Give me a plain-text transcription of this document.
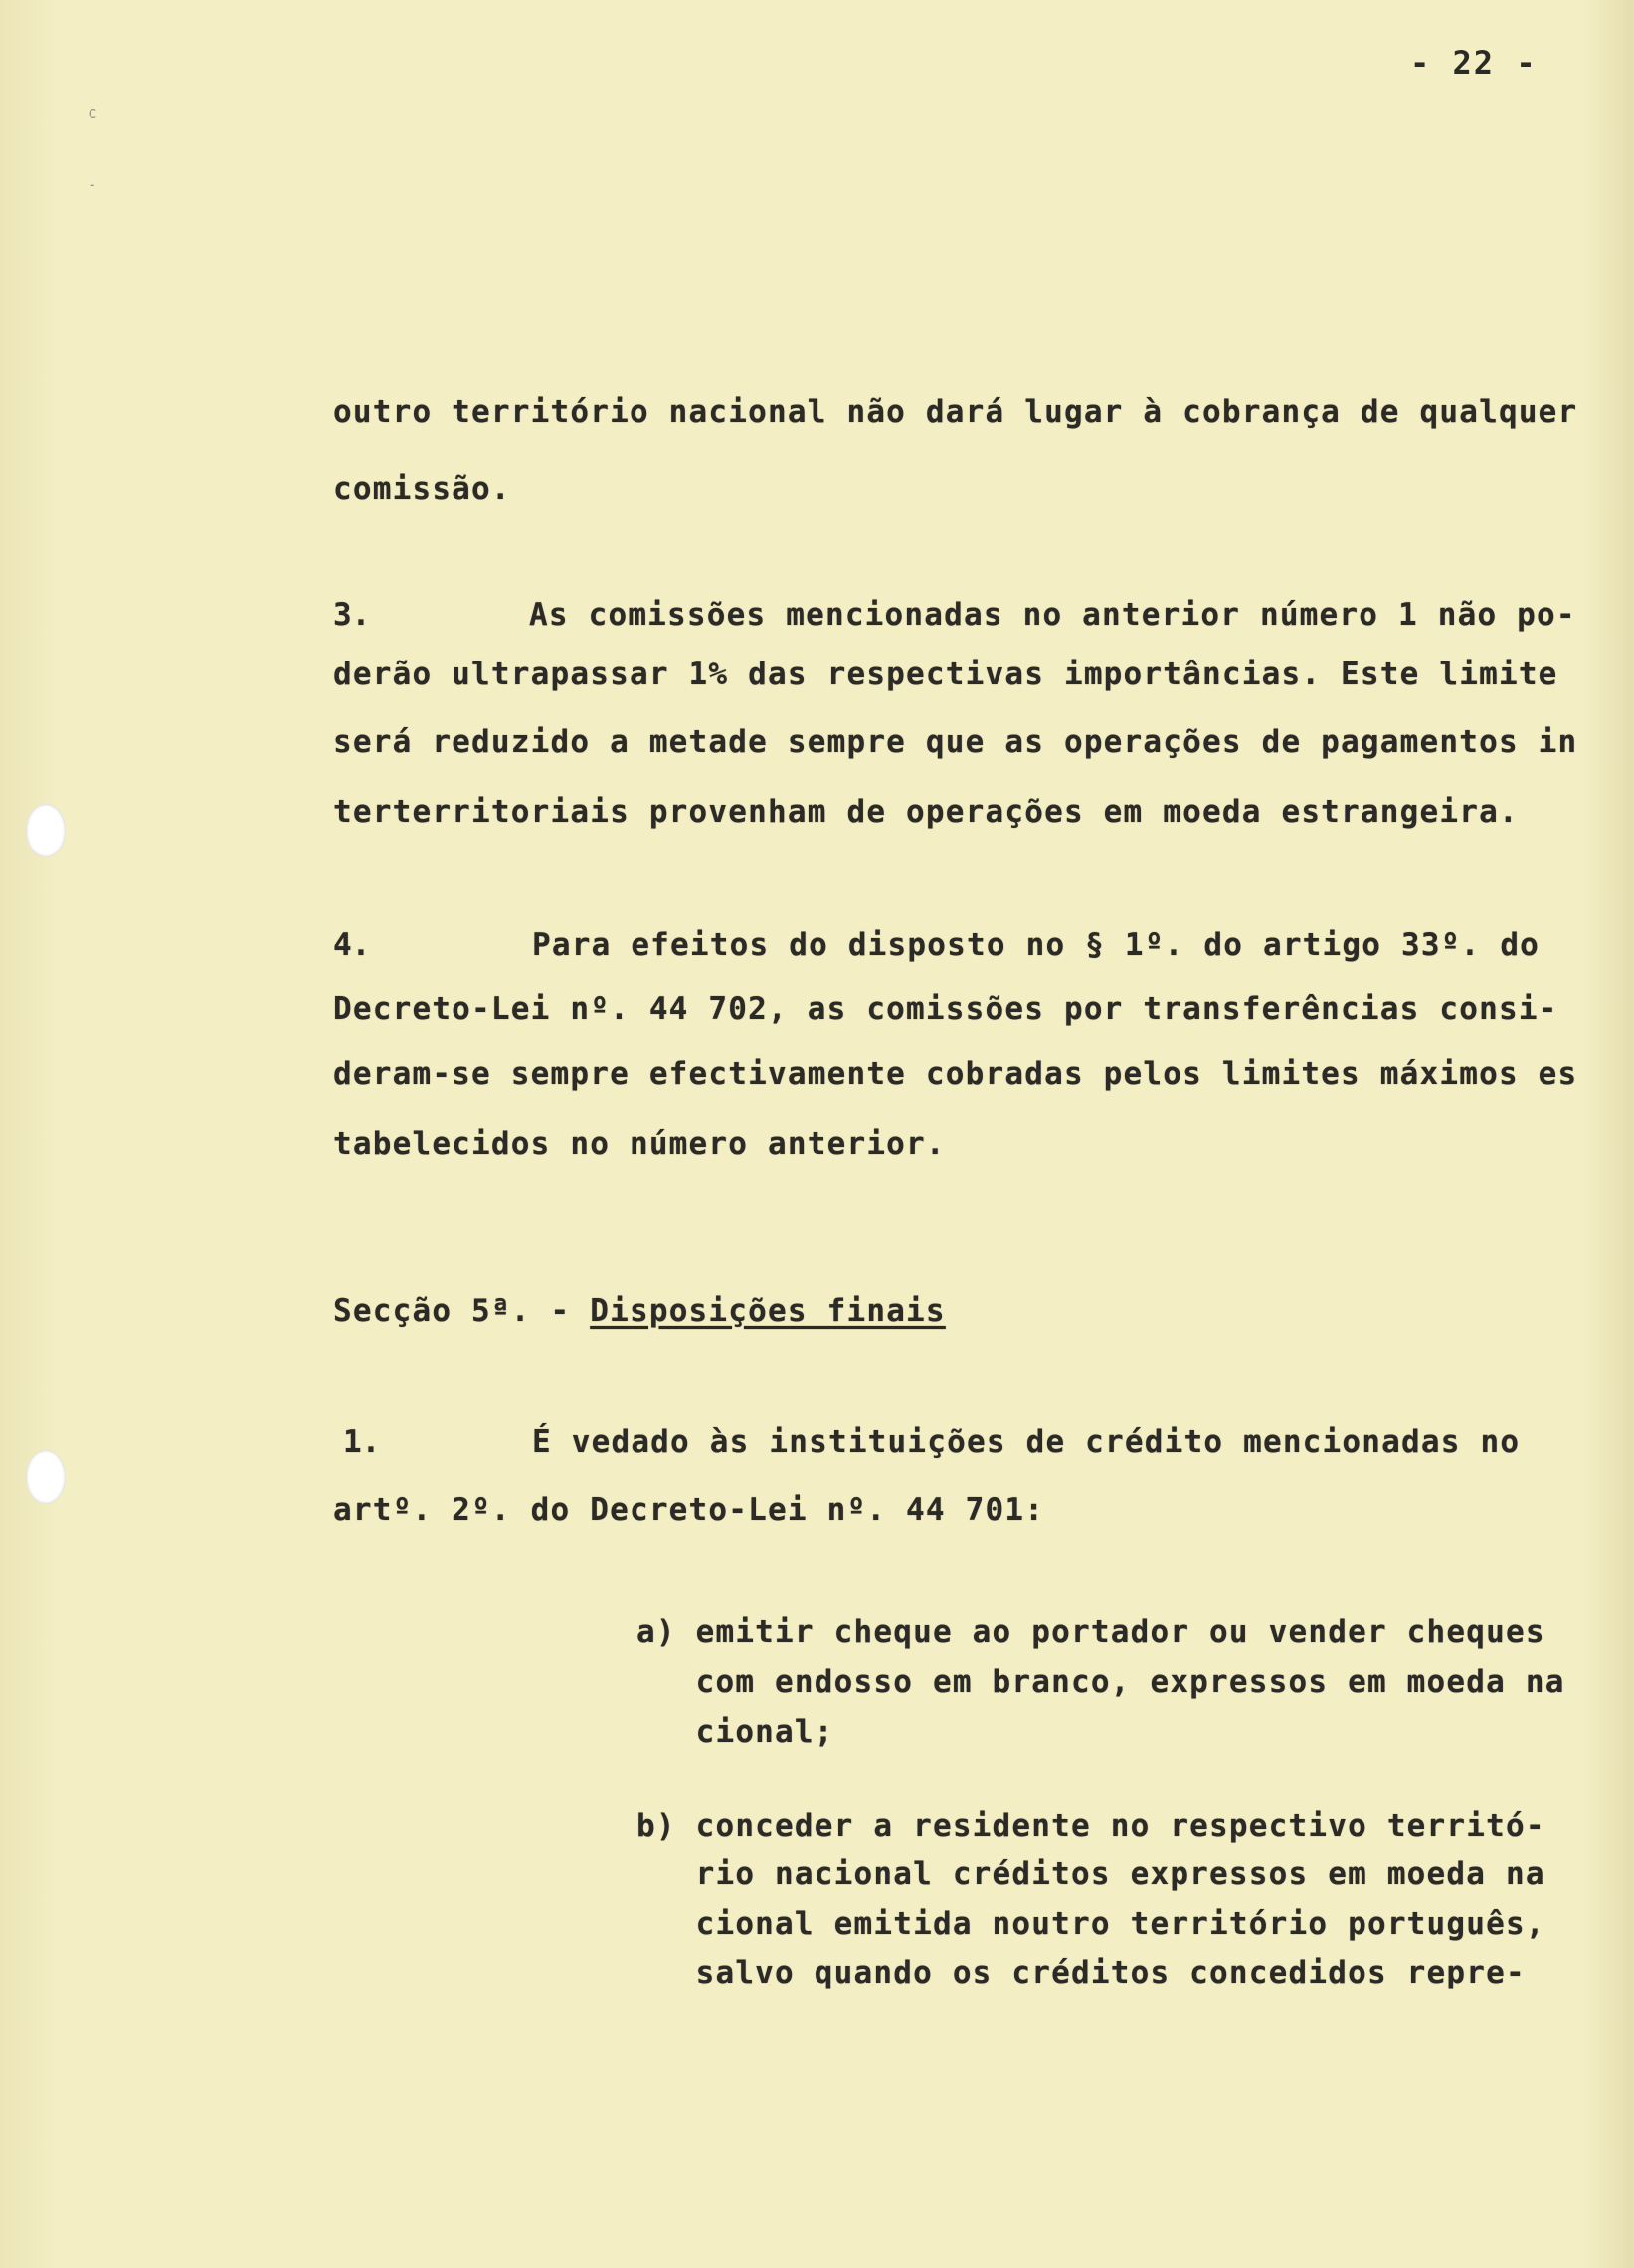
c
-
- 22 -
outro território nacional não dará lugar à cobrança de qualquer
comissão.
3.	As comissões mencionadas no anterior número 1 não po-
derão ultrapassar 1% das respectivas importâncias. Este limite
será reduzido a metade sempre que as operações de pagamentos in
terterritoriais provenham de operações em moeda estrangeira.
4.	Para efeitos do disposto no § 1º. do artigo 33º. do
Decreto-Lei nº. 44 702, as comissões por transferências consi-
deram-se sempre efectivamente cobradas pelos limites máximos es
tabelecidos no número anterior.
Secção 5ª. - Disposições finais
1.	É vedado às instituições de crédito mencionadas no
artº. 2º. do Decreto-Lei nº. 44 701:
a) emitir cheque ao portador ou vender cheques
com endosso em branco, expressos em moeda na
cional;
b) conceder a residente no respectivo territó-
rio nacional créditos expressos em moeda na
cional emitida noutro território português,
salvo quando os créditos concedidos repre-
